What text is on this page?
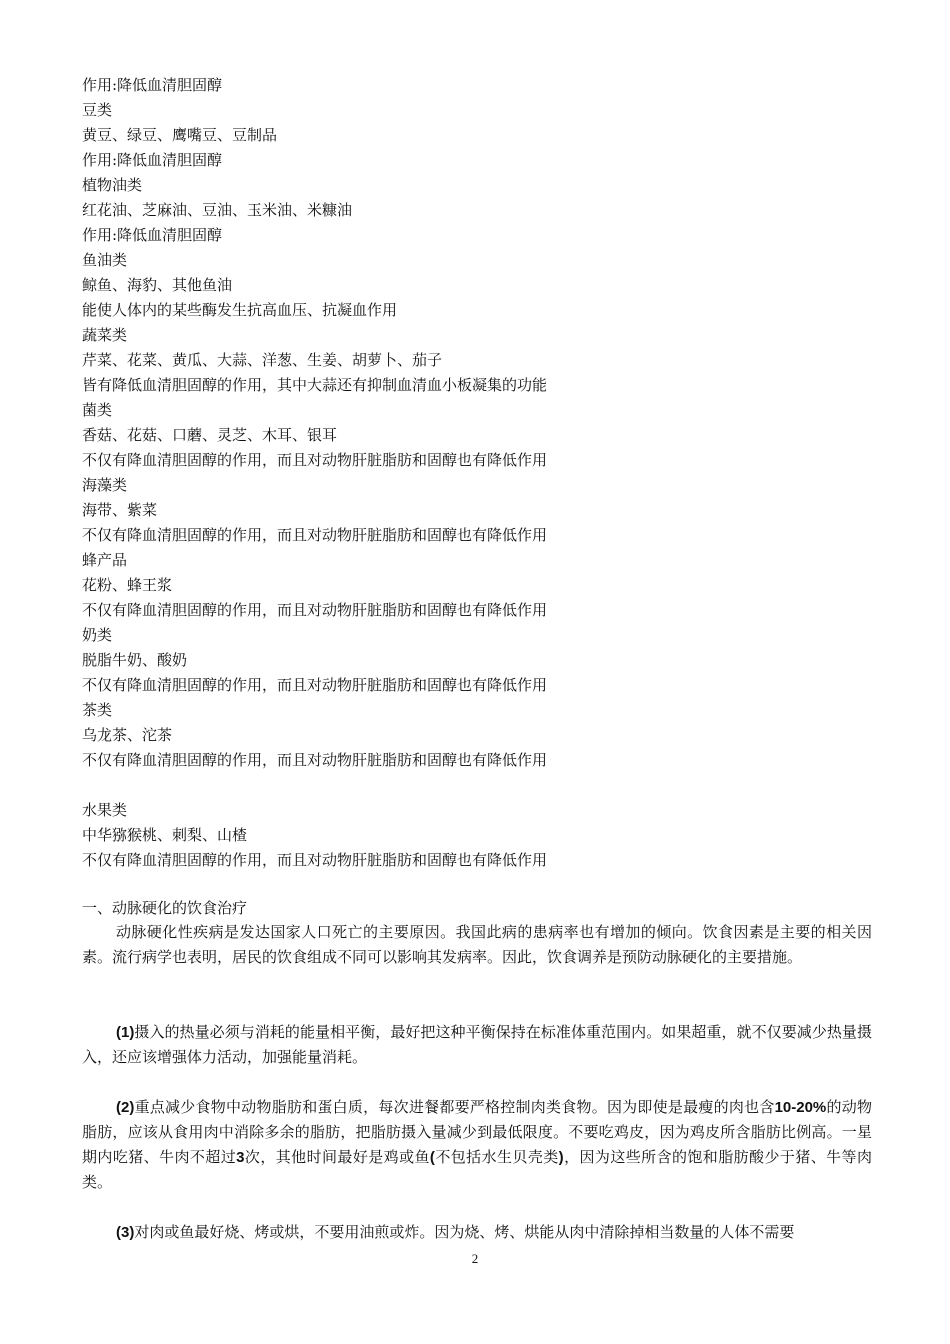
作用:降低血清胆固醇
豆类
黄豆、绿豆、鹰嘴豆、豆制品
作用:降低血清胆固醇
植物油类
红花油、芝麻油、豆油、玉米油、米糠油
作用:降低血清胆固醇
鱼油类
鲸鱼、海豹、其他鱼油
能使人体内的某些酶发生抗高血压、抗凝血作用
蔬菜类
芹菜、花菜、黄瓜、大蒜、洋葱、生姜、胡萝卜、茄子
皆有降低血清胆固醇的作用，其中大蒜还有抑制血清血小板凝集的功能
菌类
香菇、花菇、口蘑、灵芝、木耳、银耳
不仅有降血清胆固醇的作用，而且对动物肝脏脂肪和固醇也有降低作用
海藻类
海带、紫菜
不仅有降血清胆固醇的作用，而且对动物肝脏脂肪和固醇也有降低作用
蜂产品
花粉、蜂王浆
不仅有降血清胆固醇的作用，而且对动物肝脏脂肪和固醇也有降低作用
奶类
脱脂牛奶、酸奶
不仅有降血清胆固醇的作用，而且对动物肝脏脂肪和固醇也有降低作用
茶类
乌龙茶、沱茶
不仅有降血清胆固醇的作用，而且对动物肝脏脂肪和固醇也有降低作用
水果类
中华猕猴桃、刺梨、山楂
不仅有降血清胆固醇的作用，而且对动物肝脏脂肪和固醇也有降低作用
一、动脉硬化的饮食治疗
动脉硬化性疾病是发达国家人口死亡的主要原因。我国此病的患病率也有增加的倾向。饮食因素是主要的相关因素。流行病学也表明，居民的饮食组成不同可以影响其发病率。因此，饮食调养是预防动脉硬化的主要措施。
(1)摄入的热量必须与消耗的能量相平衡，最好把这种平衡保持在标准体重范围内。如果超重，就不仅要减少热量摄入，还应该增强体力活动，加强能量消耗。
(2)重点减少食物中动物脂肪和蛋白质，每次进餐都要严格控制肉类食物。因为即使是最瘦的肉也含10-20%的动物脂肪，应该从食用肉中消除多余的脂肪，把脂肪摄入量减少到最低限度。不要吃鸡皮，因为鸡皮所含脂肪比例高。一星期内吃猪、牛肉不超过3次，其他时间最好是鸡或鱼(不包括水生贝壳类)，因为这些所含的饱和脂肪酸少于猪、牛等肉类。
(3)对肉或鱼最好烧、烤或烘，不要用油煎或炸。因为烧、烤、烘能从肉中清除掉相当数量的人体不需要
2
